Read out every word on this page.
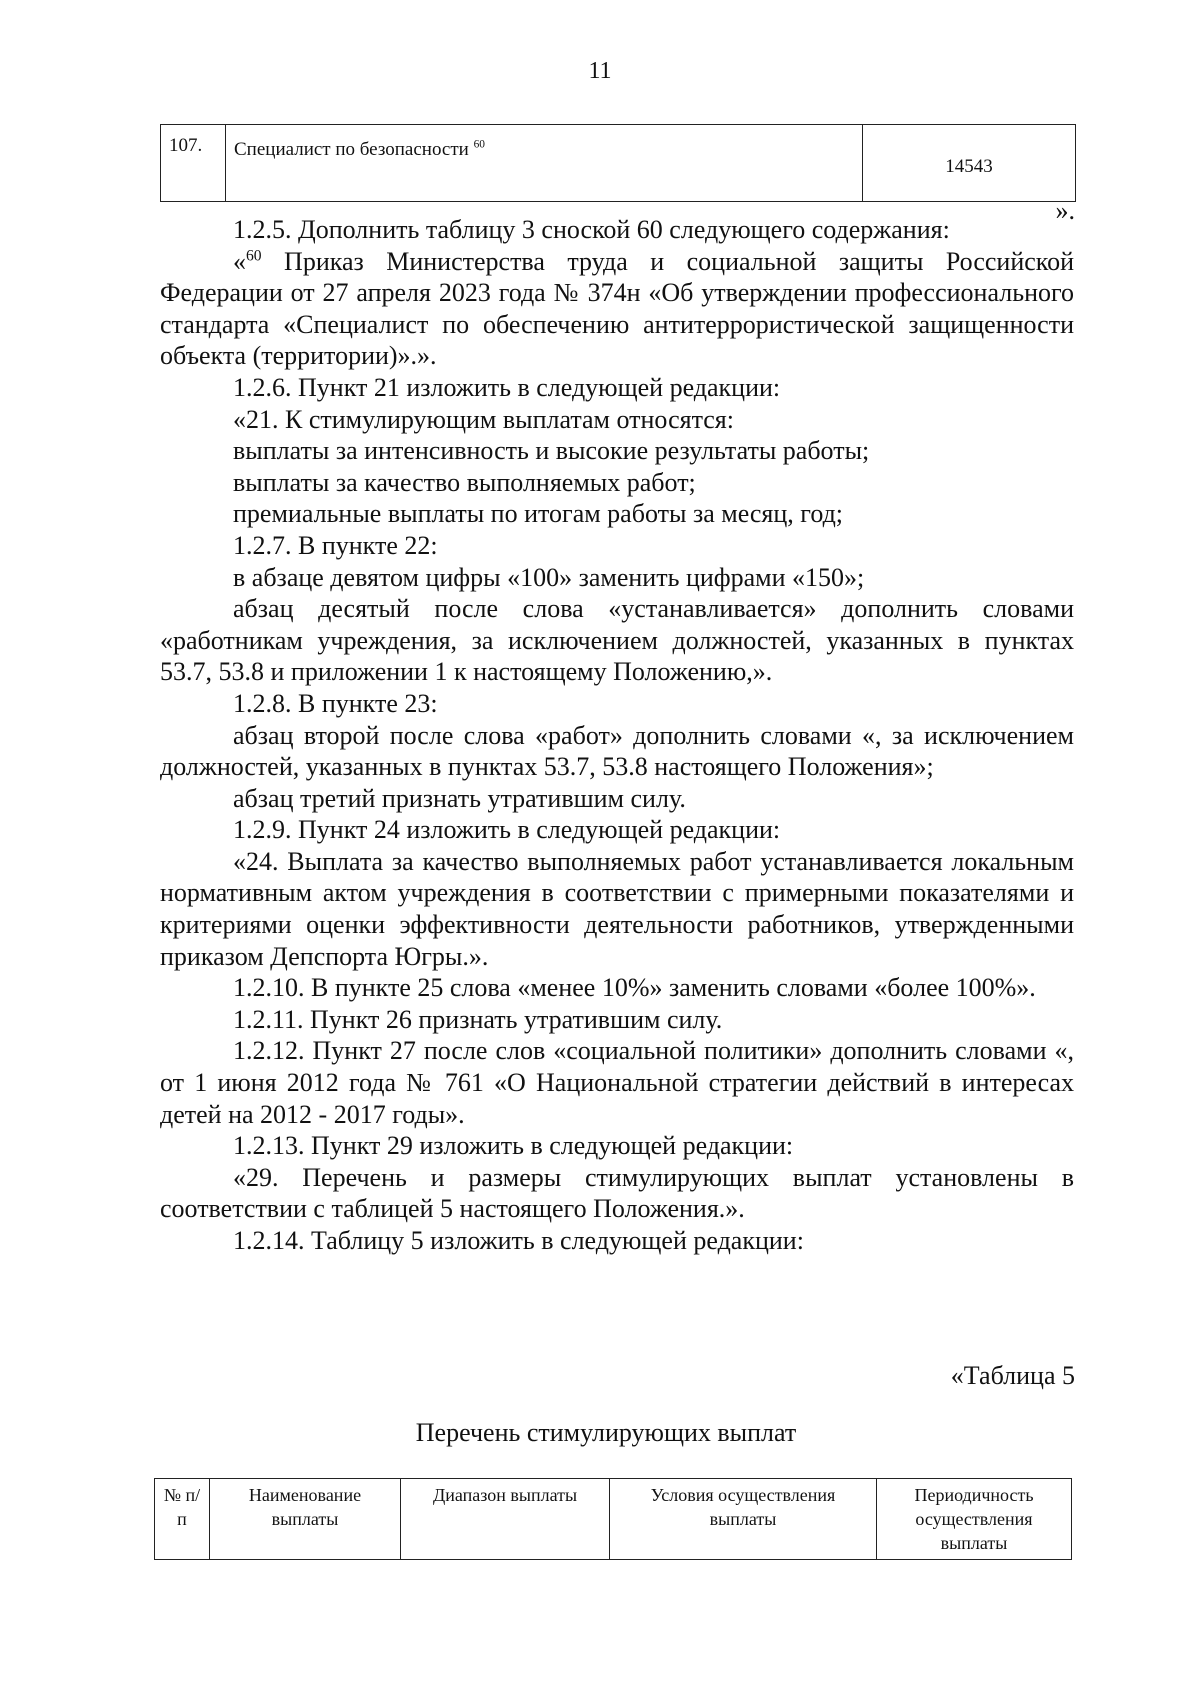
11
107.	Специалист по безопасности $^{60}$	14543
».

1.2.5. Дополнить таблицу 3 сноской 60 следующего содержания:

«$^{60}$ Приказ Министерства труда и социальной защиты Российской Федерации от 27 апреля 2023 года № 374н «Об утверждении профессионального стандарта «Специалист по обеспечению антитеррористической защищенности объекта (территории)».».

1.2.6. Пункт 21 изложить в следующей редакции:

«21. К стимулирующим выплатам относятся:

выплаты за интенсивность и высокие результаты работы;

выплаты за качество выполняемых работ;

премиальные выплаты по итогам работы за месяц, год;

1.2.7. В пункте 22:

в абзаце девятом цифры «100» заменить цифрами «150»;

абзац десятый после слова «устанавливается» дополнить словами «работникам учреждения, за исключением должностей, указанных в пунктах 53.7, 53.8 и приложении 1 к настоящему Положению,».

1.2.8. В пункте 23:

абзац второй после слова «работ» дополнить словами «, за исключением должностей, указанных в пунктах 53.7, 53.8 настоящего Положения»;

абзац третий признать утратившим силу.

1.2.9. Пункт 24 изложить в следующей редакции:

«24. Выплата за качество выполняемых работ устанавливается локальным нормативным актом учреждения в соответствии с примерными показателями и критериями оценки эффективности деятельности работников, утвержденными приказом Депспорта Югры.».

1.2.10. В пункте 25 слова «менее 10%» заменить словами «более 100%».

1.2.11. Пункт 26 признать утратившим силу.

1.2.12. Пункт 27 после слов «социальной политики» дополнить словами «, от 1 июня 2012 года № 761 «О Национальной стратегии действий в интересах детей на 2012 - 2017 годы».

1.2.13. Пункт 29 изложить в следующей редакции:

«29. Перечень и размеры стимулирующих выплат установлены в соответствии с таблицей 5 настоящего Положения.».

1.2.14. Таблицу 5 изложить в следующей редакции:

«Таблица 5
Перечень стимулирующих выплат
№ п/п	Наименование выплаты	Диапазон выплаты	Условия осуществления выплаты	Периодичность осуществления выплаты
